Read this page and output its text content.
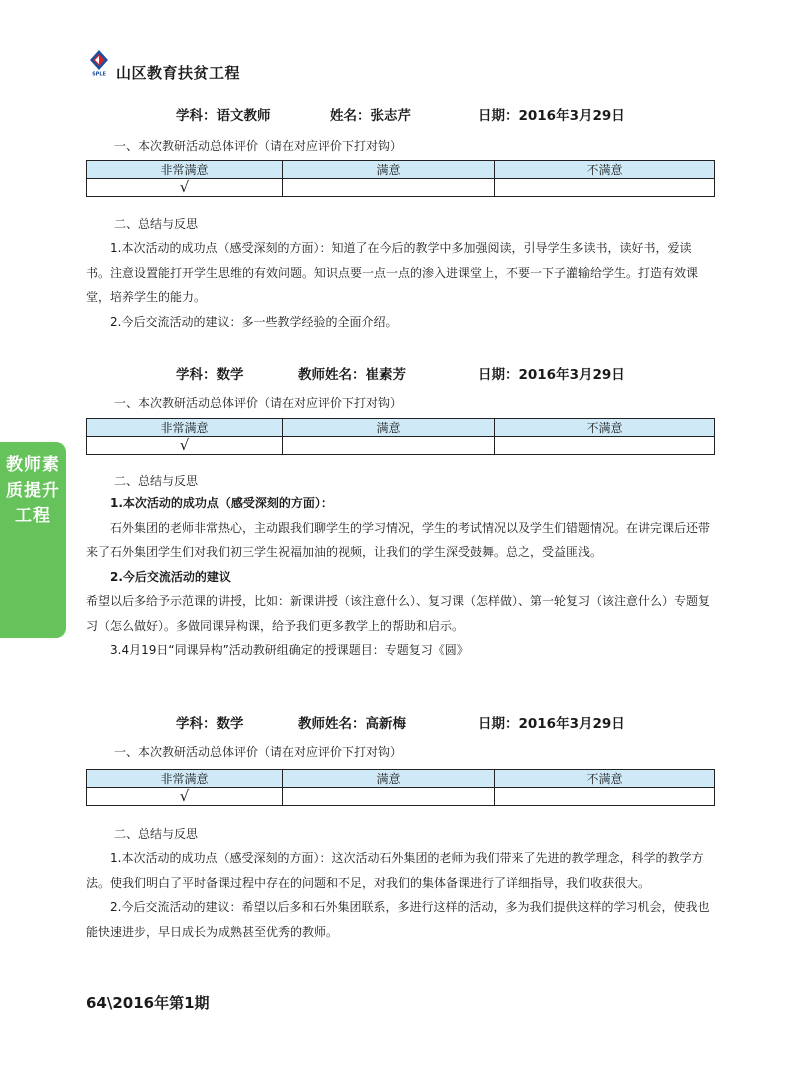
SPLE 山区教育扶贫工程
教师素质提升工程
学科：语文教师	姓名：张志芹	日期：2016年3月29日
一、本次教研活动总体评价（请在对应评价下打对钩）
非常满意	满意	不满意
√		
二、总结与反思

1.本次活动的成功点（感受深刻的方面）：知道了在今后的教学中多加强阅读，引导学生多读书，读好书，爱读书。注意设置能打开学生思维的有效问题。知识点要一点一点的渗入进课堂上，不要一下子灌输给学生。打造有效课堂，培养学生的能力。

2.今后交流活动的建议：多一些教学经验的全面介绍。

学科：数学	教师姓名：崔素芳	日期：2016年3月29日
一、本次教研活动总体评价（请在对应评价下打对钩）
非常满意	满意	不满意
√		
二、总结与反思

1.本次活动的成功点（感受深刻的方面）：

石外集团的老师非常热心，主动跟我们聊学生的学习情况，学生的考试情况以及学生们错题情况。在讲完课后还带来了石外集团学生们对我们初三学生祝福加油的视频，让我们的学生深受鼓舞。总之，受益匪浅。

2.今后交流活动的建议

希望以后多给予示范课的讲授，比如：新课讲授（该注意什么）、复习课（怎样做）、第一轮复习（该注意什么）专题复习（怎么做好）。多做同课异构课，给予我们更多教学上的帮助和启示。

3.4月19日“同课异构”活动教研组确定的授课题目：专题复习《圆》

学科：数学	教师姓名：高新梅	日期：2016年3月29日
一、本次教研活动总体评价（请在对应评价下打对钩）
非常满意	满意	不满意
√		
二、总结与反思

1.本次活动的成功点（感受深刻的方面）：这次活动石外集团的老师为我们带来了先进的教学理念，科学的教学方法。使我们明白了平时备课过程中存在的问题和不足，对我们的集体备课进行了详细指导，我们收获很大。

2.今后交流活动的建议：希望以后多和石外集团联系，多进行这样的活动，多为我们提供这样的学习机会，使我也能快速进步，早日成长为成熟甚至优秀的教师。

64\2016年第1期
